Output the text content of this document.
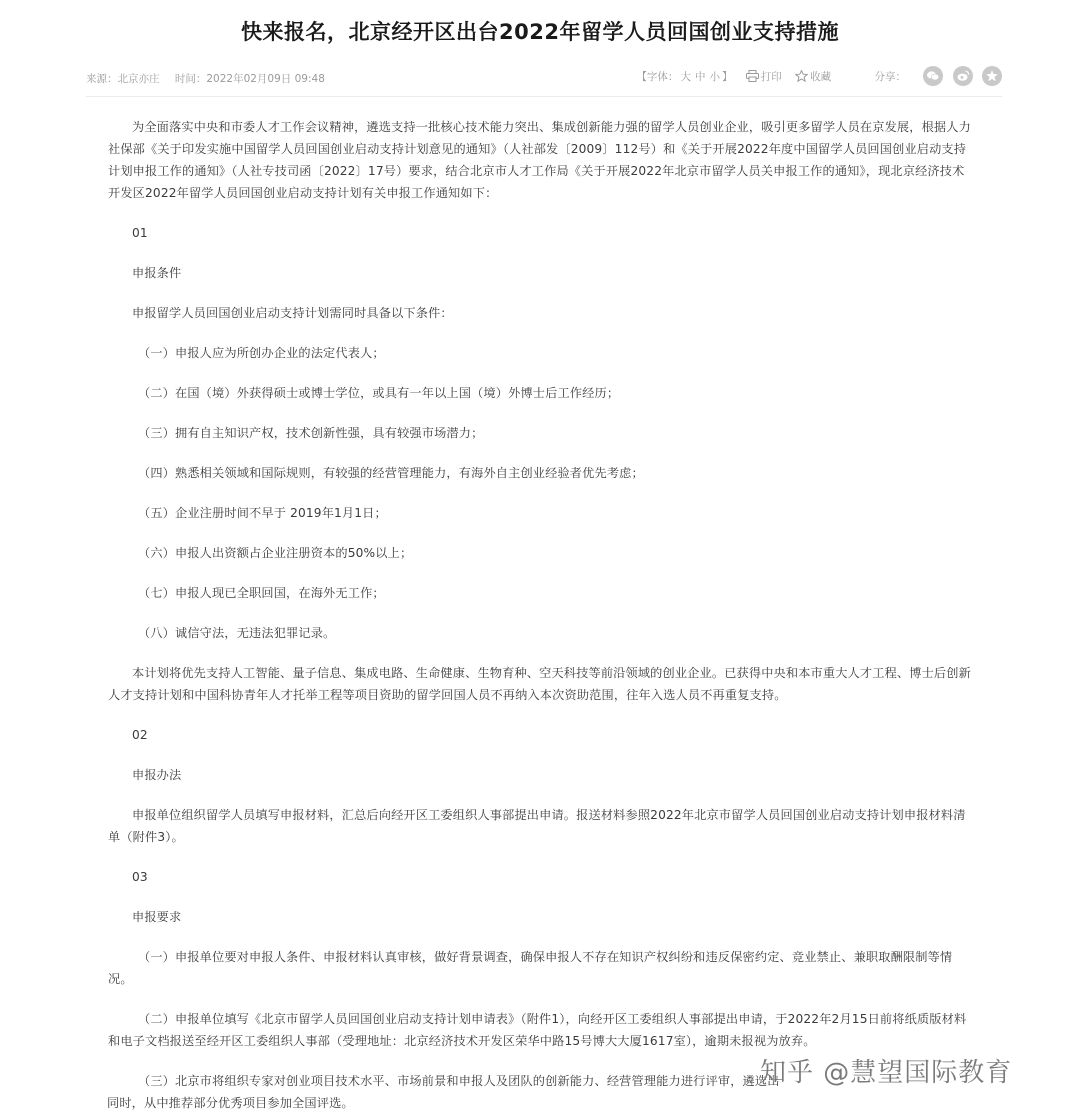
快来报名，北京经开区出台2022年留学人员回国创业支持措施
来源：北京亦庄 时间：2022年02月09日 09:48	【字体： 大 中 小 】	打印	收藏	分享：

为全面落实中央和市委人才工作会议精神，遴选支持一批核心技术能力突出、集成创新能力强的留学人员创业企业，吸引更多留学人员在京发展，根据人力社保部《关于印发实施中国留学人员回国创业启动支持计划意见的通知》（人社部发〔2009〕112号）和《关于开展2022年度中国留学人员回国创业启动支持计划申报工作的通知》（人社专技司函〔2022〕17号）要求，结合北京市人才工作局《关于开展2022年北京市留学人员关申报工作的通知》，现北京经济技术开发区2022年留学人员回国创业启动支持计划有关申报工作通知如下：

01

申报条件

申报留学人员回国创业启动支持计划需同时具备以下条件：

（一）申报人应为所创办企业的法定代表人；

（二）在国（境）外获得硕士或博士学位，或具有一年以上国（境）外博士后工作经历；

（三）拥有自主知识产权，技术创新性强，具有较强市场潜力；

（四）熟悉相关领域和国际规则，有较强的经营管理能力，有海外自主创业经验者优先考虑；

（五）企业注册时间不早于 2019年1月1日；

（六）申报人出资额占企业注册资本的50%以上；

（七）申报人现已全职回国，在海外无工作；

（八）诚信守法，无违法犯罪记录。

本计划将优先支持人工智能、量子信息、集成电路、生命健康、生物育种、空天科技等前沿领域的创业企业。已获得中央和本市重大人才工程、博士后创新人才支持计划和中国科协青年人才托举工程等项目资助的留学回国人员不再纳入本次资助范围，往年入选人员不再重复支持。

02

申报办法

申报单位组织留学人员填写申报材料，汇总后向经开区工委组织人事部提出申请。报送材料参照2022年北京市留学人员回国创业启动支持计划申报材料清单（附件3）。

03

申报要求

（一）申报单位要对申报人条件、申报材料认真审核，做好背景调查，确保申报人不存在知识产权纠纷和违反保密约定、竞业禁止、兼职取酬限制等情况。

（二）申报单位填写《北京市留学人员回国创业启动支持计划申请表》（附件1），向经开区工委组织人事部提出申请，于2022年2月15日前将纸质版材料和电子文档报送至经开区工委组织人事部（受理地址：北京经济技术开发区荣华中路15号博大大厦1617室），逾期未报视为放弃。

（三）北京市将组织专家对创业项目技术水平、市场前景和申报人及团队的创新能力、经营管理能力进行评审，遴选出

同时，从中推荐部分优秀项目参加全国评选。

知乎 @慧望国际教育
